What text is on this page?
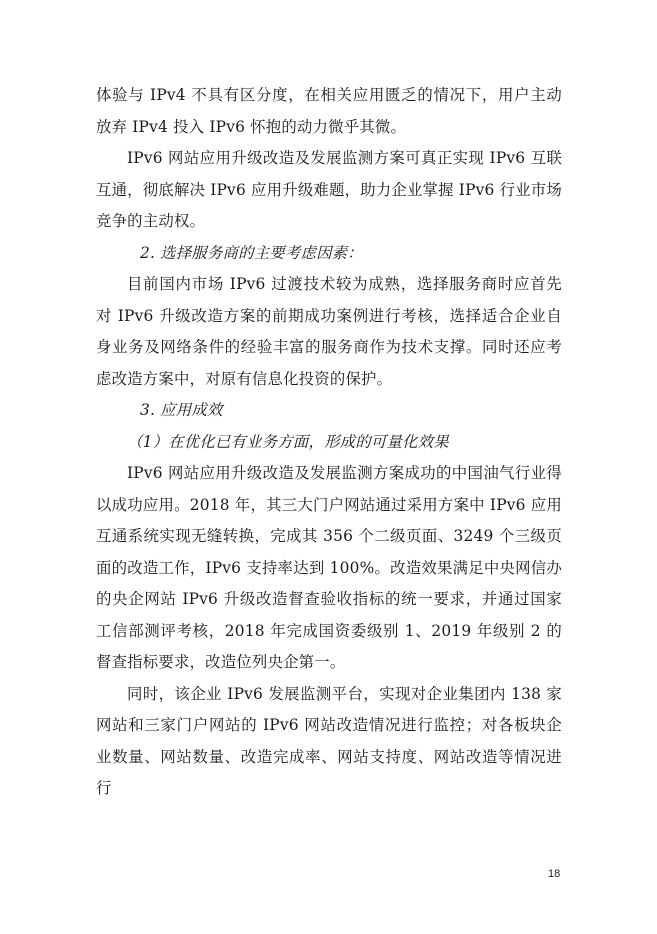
体验与 IPv4 不具有区分度，在相关应用匮乏的情况下，用户主动放弃 IPv4 投入 IPv6 怀抱的动力微乎其微。

IPv6 网站应用升级改造及发展监测方案可真正实现 IPv6 互联互通，彻底解决 IPv6 应用升级难题，助力企业掌握 IPv6 行业市场竞争的主动权。

2. 选择服务商的主要考虑因素：

目前国内市场 IPv6 过渡技术较为成熟，选择服务商时应首先对 IPv6 升级改造方案的前期成功案例进行考核，选择适合企业自身业务及网络条件的经验丰富的服务商作为技术支撑。同时还应考虑改造方案中，对原有信息化投资的保护。

3. 应用成效

（1）在优化已有业务方面，形成的可量化效果

IPv6 网站应用升级改造及发展监测方案成功的中国油气行业得以成功应用。2018 年，其三大门户网站通过采用方案中 IPv6 应用互通系统实现无缝转换，完成其 356 个二级页面、3249 个三级页面的改造工作，IPv6 支持率达到 100%。改造效果满足中央网信办的央企网站 IPv6 升级改造督查验收指标的统一要求，并通过国家工信部测评考核，2018 年完成国资委级别 1、2019 年级别 2 的督查指标要求，改造位列央企第一。

同时，该企业 IPv6 发展监测平台，实现对企业集团内 138 家网站和三家门户网站的 IPv6 网站改造情况进行监控；对各板块企业数量、网站数量、改造完成率、网站支持度、网站改造等情况进行

18
